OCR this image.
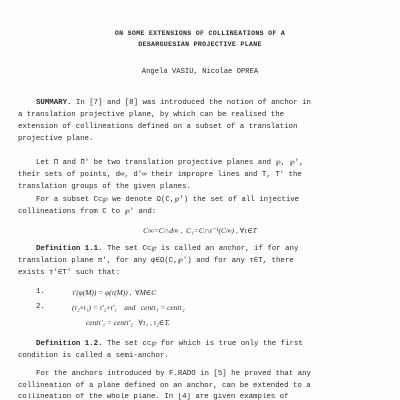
ON SOME EXTENSIONS OF COLLINEATIONS OF A
DESARGUESIAN PROJECTIVE PLANE
Angela VASIU, Nicolae OPREA
SUMMARY. In [7] and [8] was introduced the notion of anchor in
a translation projective plane, by which can be realised the
extension of collineations defined on a subset of a translation
projective plane.
Let Π and Π' be two translation projective planes and ℘, ℘',
their sets of points, d∞, d'∞ their impropre lines and T, T' the
translation groups of the given planes.
For a subset C⊂℘ we denote Ω(C,℘') the set of all injective
collineations from C to ℘' and:
C∞=C∩d∞ ,  C₁=C∩τ⁻¹(C∞) , ∀τ∈T
Definition 1.1. The set C⊂℘ is called an anchor, if for any
translation plane π', for any φ∈Ω(C,℘') and for any τ∈T, there
exists τ'∈T' such that:
1.	τ'(φ(M)) = φ(τ(M)) ,  ∀M∈C
2.	(τ₂∘τ₁) = τ'₂∘τ'₁    and   centτ₁ = centτ₂
centτ'₁ = centτ'₂   ∀τ₁ , τ₂∈T.
Definition 1.2. The set c⊂℘ for which is true only the first
condition is called a semi-anchor.
For the anchors introduced by F.RADO in [5] he proved that any
collineation of a plane defined on an anchor, can be extended to a
collineation of the whole plane. In [4] are given examples of
